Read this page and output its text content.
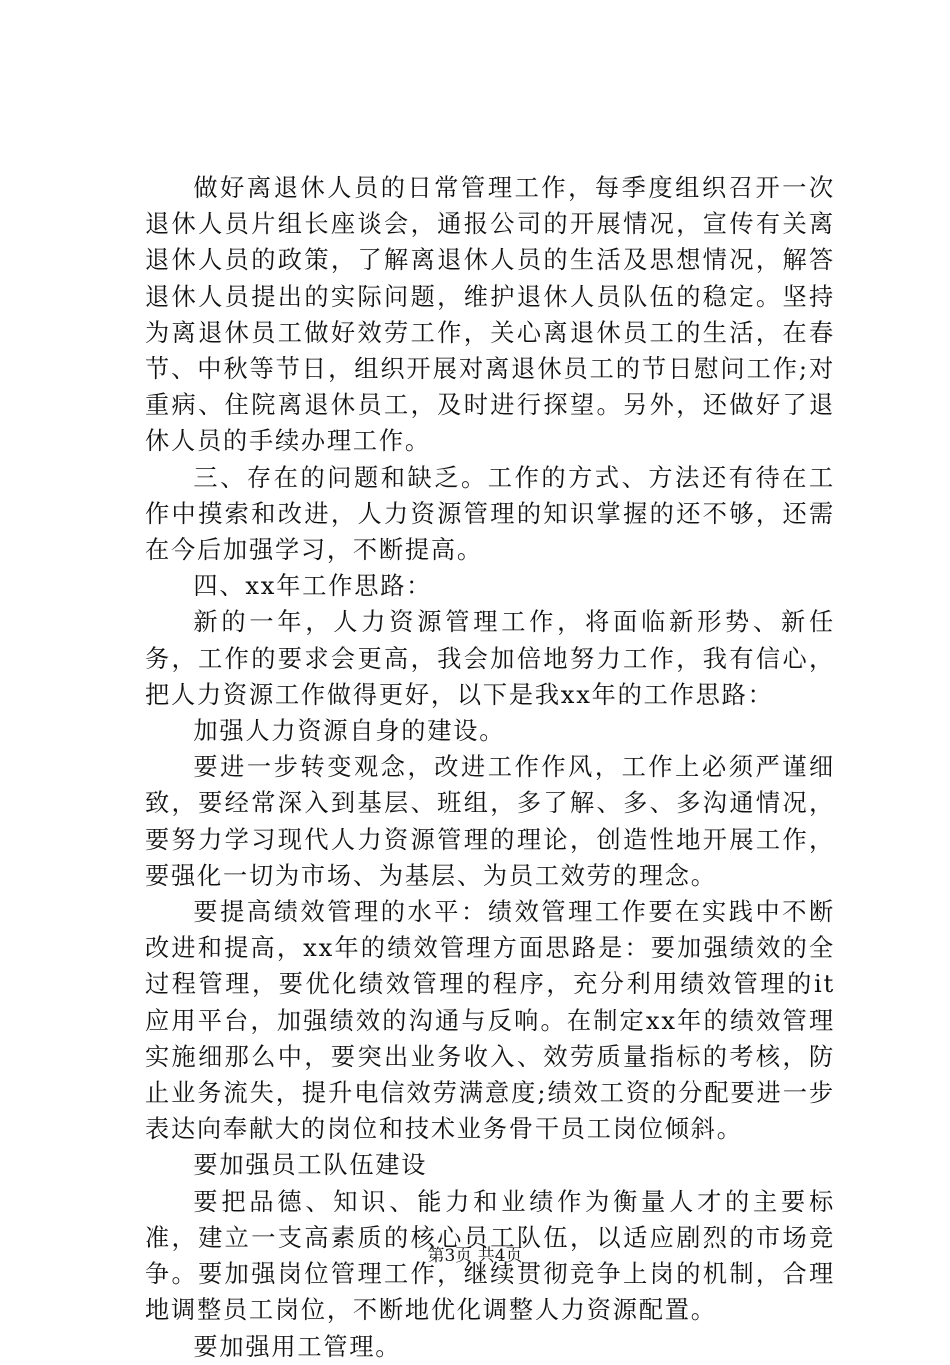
做好离退休人员的日常管理工作，每季度组织召开一次退休人员片组长座谈会，通报公司的开展情况，宣传有关离退休人员的政策，了解离退休人员的生活及思想情况，解答退休人员提出的实际问题，维护退休人员队伍的稳定。坚持为离退休员工做好效劳工作，关心离退休员工的生活，在春节、中秋等节日，组织开展对离退休员工的节日慰问工作;对重病、住院离退休员工，及时进行探望。另外，还做好了退休人员的手续办理工作。

三、存在的问题和缺乏。工作的方式、方法还有待在工作中摸索和改进，人力资源管理的知识掌握的还不够，还需在今后加强学习，不断提高。

四、xx年工作思路：

新的一年，人力资源管理工作，将面临新形势、新任务，工作的要求会更高，我会加倍地努力工作，我有信心，把人力资源工作做得更好，以下是我xx年的工作思路：

加强人力资源自身的建设。

要进一步转变观念，改进工作作风，工作上必须严谨细致，要经常深入到基层、班组，多了解、多、多沟通情况，要努力学习现代人力资源管理的理论，创造性地开展工作，要强化一切为市场、为基层、为员工效劳的理念。

要提高绩效管理的水平：绩效管理工作要在实践中不断改进和提高，xx年的绩效管理方面思路是：要加强绩效的全过程管理，要优化绩效管理的程序，充分利用绩效管理的it应用平台，加强绩效的沟通与反响。在制定xx年的绩效管理实施细那么中，要突出业务收入、效劳质量指标的考核，防止业务流失，提升电信效劳满意度;绩效工资的分配要进一步表达向奉献大的岗位和技术业务骨干员工岗位倾斜。

要加强员工队伍建设

要把品德、知识、能力和业绩作为衡量人才的主要标准，建立一支高素质的核心员工队伍，以适应剧烈的市场竞争。要加强岗位管理工作，继续贯彻竞争上岗的机制，合理地调整员工岗位，不断地优化调整人力资源配置。

要加强用工管理。

第3页 共4页
